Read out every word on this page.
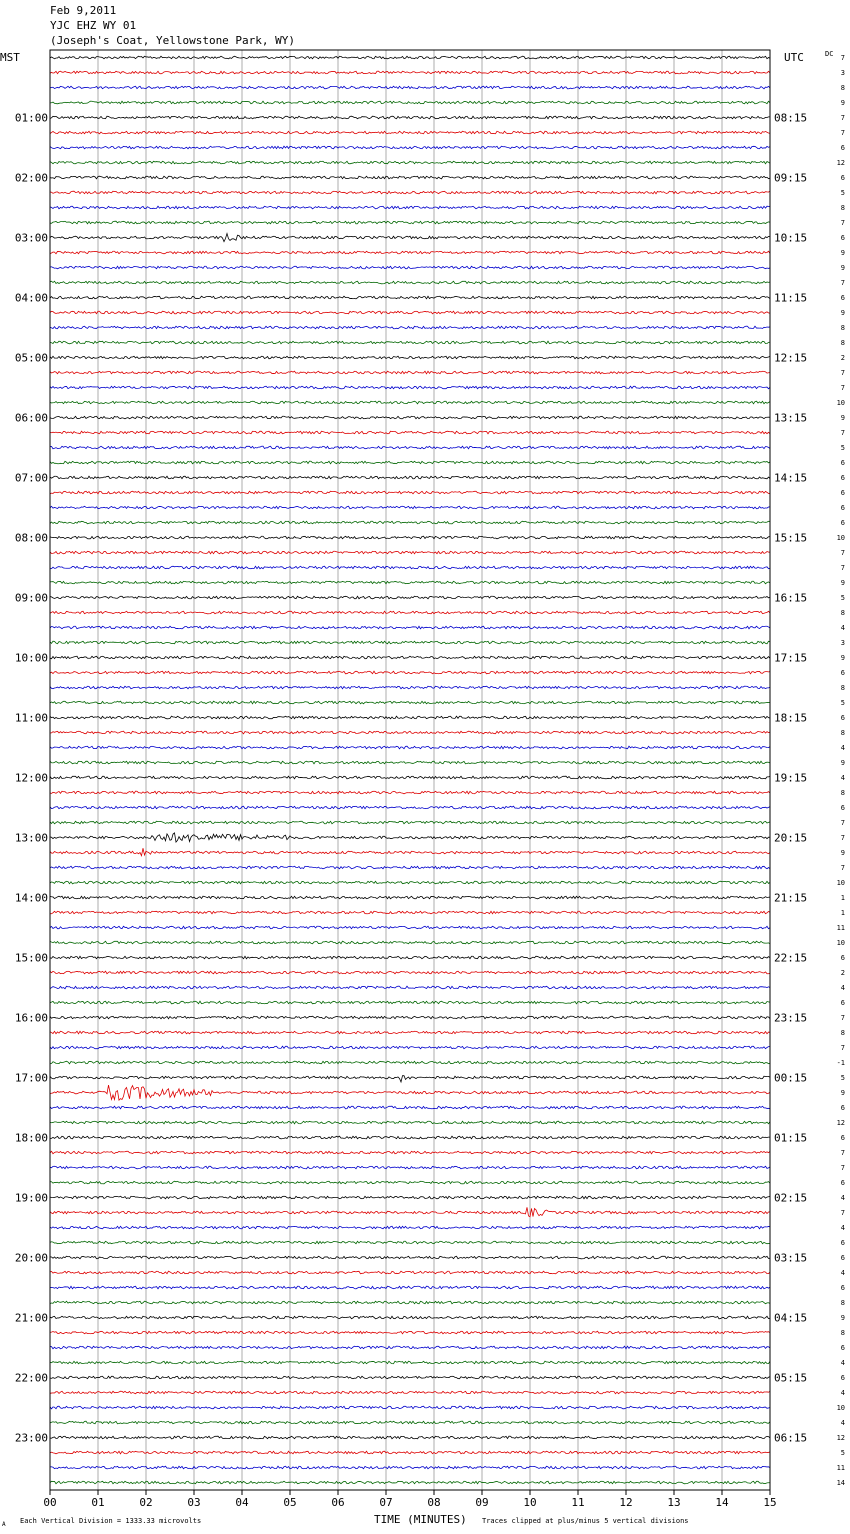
Feb 9,2011
YJC EHZ WY 01
(Joseph's Coat, Yellowstone Park, WY)
00	01	02	03	04	05	06	07	08	09	10	11	12	13	14	15
7
3
8
9
7
7
6
12
6
5
8
7
6
9
9
7
6
9
8
8
2
7
7
10
9
7
5
6
6
6
6
6
10
7
7
9
5
8
4
3
9
6
8
5
6
8
4
9
4
8
6
7
7
9
7
10
1
1
11
10
6
2
4
6
7
8
7
-1
5
9
6
12
6
7
7
6
4
7
4
6
6
4
6
8
9
8
6
4
6
4
10
4
12
5
11
14
01:00
02:00
03:00
04:00
05:00
06:00
07:00
08:00
09:00
10:00
11:00
12:00
13:00
14:00
15:00
16:00
17:00
18:00
19:00
20:00
21:00
22:00
23:00
08:15
09:15
10:15
11:15
12:15
13:15
14:15
15:15
16:15
17:15
18:15
19:15
20:15
21:15
22:15
23:15
00:15
01:15
02:15
03:15
04:15
05:15
06:15
MST	UTC	DC
TIME (MINUTES)
Each Vertical Division = 1333.33 microvolts	Traces clipped at plus/minus 5 vertical divisions
A
